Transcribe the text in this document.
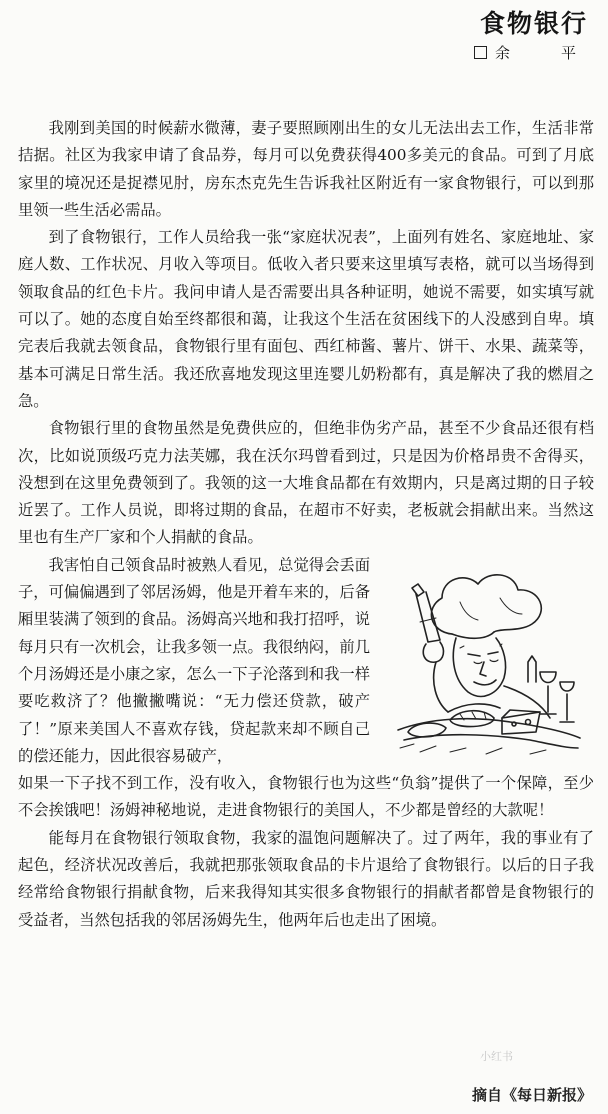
食物银行
余　平

我刚到美国的时候薪水微薄，妻子要照顾刚出生的女儿无法出去工作，生活非常拮据。社区为我家申请了食品券，每月可以免费获得400多美元的食品。可到了月底家里的境况还是捉襟见肘，房东杰克先生告诉我社区附近有一家食物银行，可以到那里领一些生活必需品。

到了食物银行，工作人员给我一张“家庭状况表”，上面列有姓名、家庭地址、家庭人数、工作状况、月收入等项目。低收入者只要来这里填写表格，就可以当场得到领取食品的红色卡片。我问申请人是否需要出具各种证明，她说不需要，如实填写就可以了。她的态度自始至终都很和蔼，让我这个生活在贫困线下的人没感到自卑。填完表后我就去领食品，食物银行里有面包、西红柿酱、薯片、饼干、水果、蔬菜等，基本可满足日常生活。我还欣喜地发现这里连婴儿奶粉都有，真是解决了我的燃眉之急。

食物银行里的食物虽然是免费供应的，但绝非伪劣产品，甚至不少食品还很有档次，比如说顶级巧克力法芙娜，我在沃尔玛曾看到过，只是因为价格昂贵不舍得买，没想到在这里免费领到了。我领的这一大堆食品都在有效期内，只是离过期的日子较近罢了。工作人员说，即将过期的食品，在超市不好卖，老板就会捐献出来。当然这里也有生产厂家和个人捐献的食品。

我害怕自己领食品时被熟人看见，总觉得会丢面子，可偏偏遇到了邻居汤姆，他是开着车来的，后备厢里装满了领到的食品。汤姆高兴地和我打招呼，说每月只有一次机会，让我多领一点。我很纳闷，前几个月汤姆还是小康之家，怎么一下子沦落到和我一样要吃救济了？他撇撇嘴说：“无力偿还贷款，破产了！”原来美国人不喜欢存钱，贷起款来却不顾自己的偿还能力，因此很容易破产，

如果一下子找不到工作，没有收入，食物银行也为这些“负翁”提供了一个保障，至少不会挨饿吧！汤姆神秘地说，走进食物银行的美国人，不少都是曾经的大款呢！

能每月在食物银行领取食物，我家的温饱问题解决了。过了两年，我的事业有了起色，经济状况改善后，我就把那张领取食品的卡片退给了食物银行。以后的日子我经常给食物银行捐献食物，后来我得知其实很多食物银行的捐献者都曾是食物银行的受益者，当然包括我的邻居汤姆先生，他两年后也走出了困境。

小红书
摘自《每日新报》
